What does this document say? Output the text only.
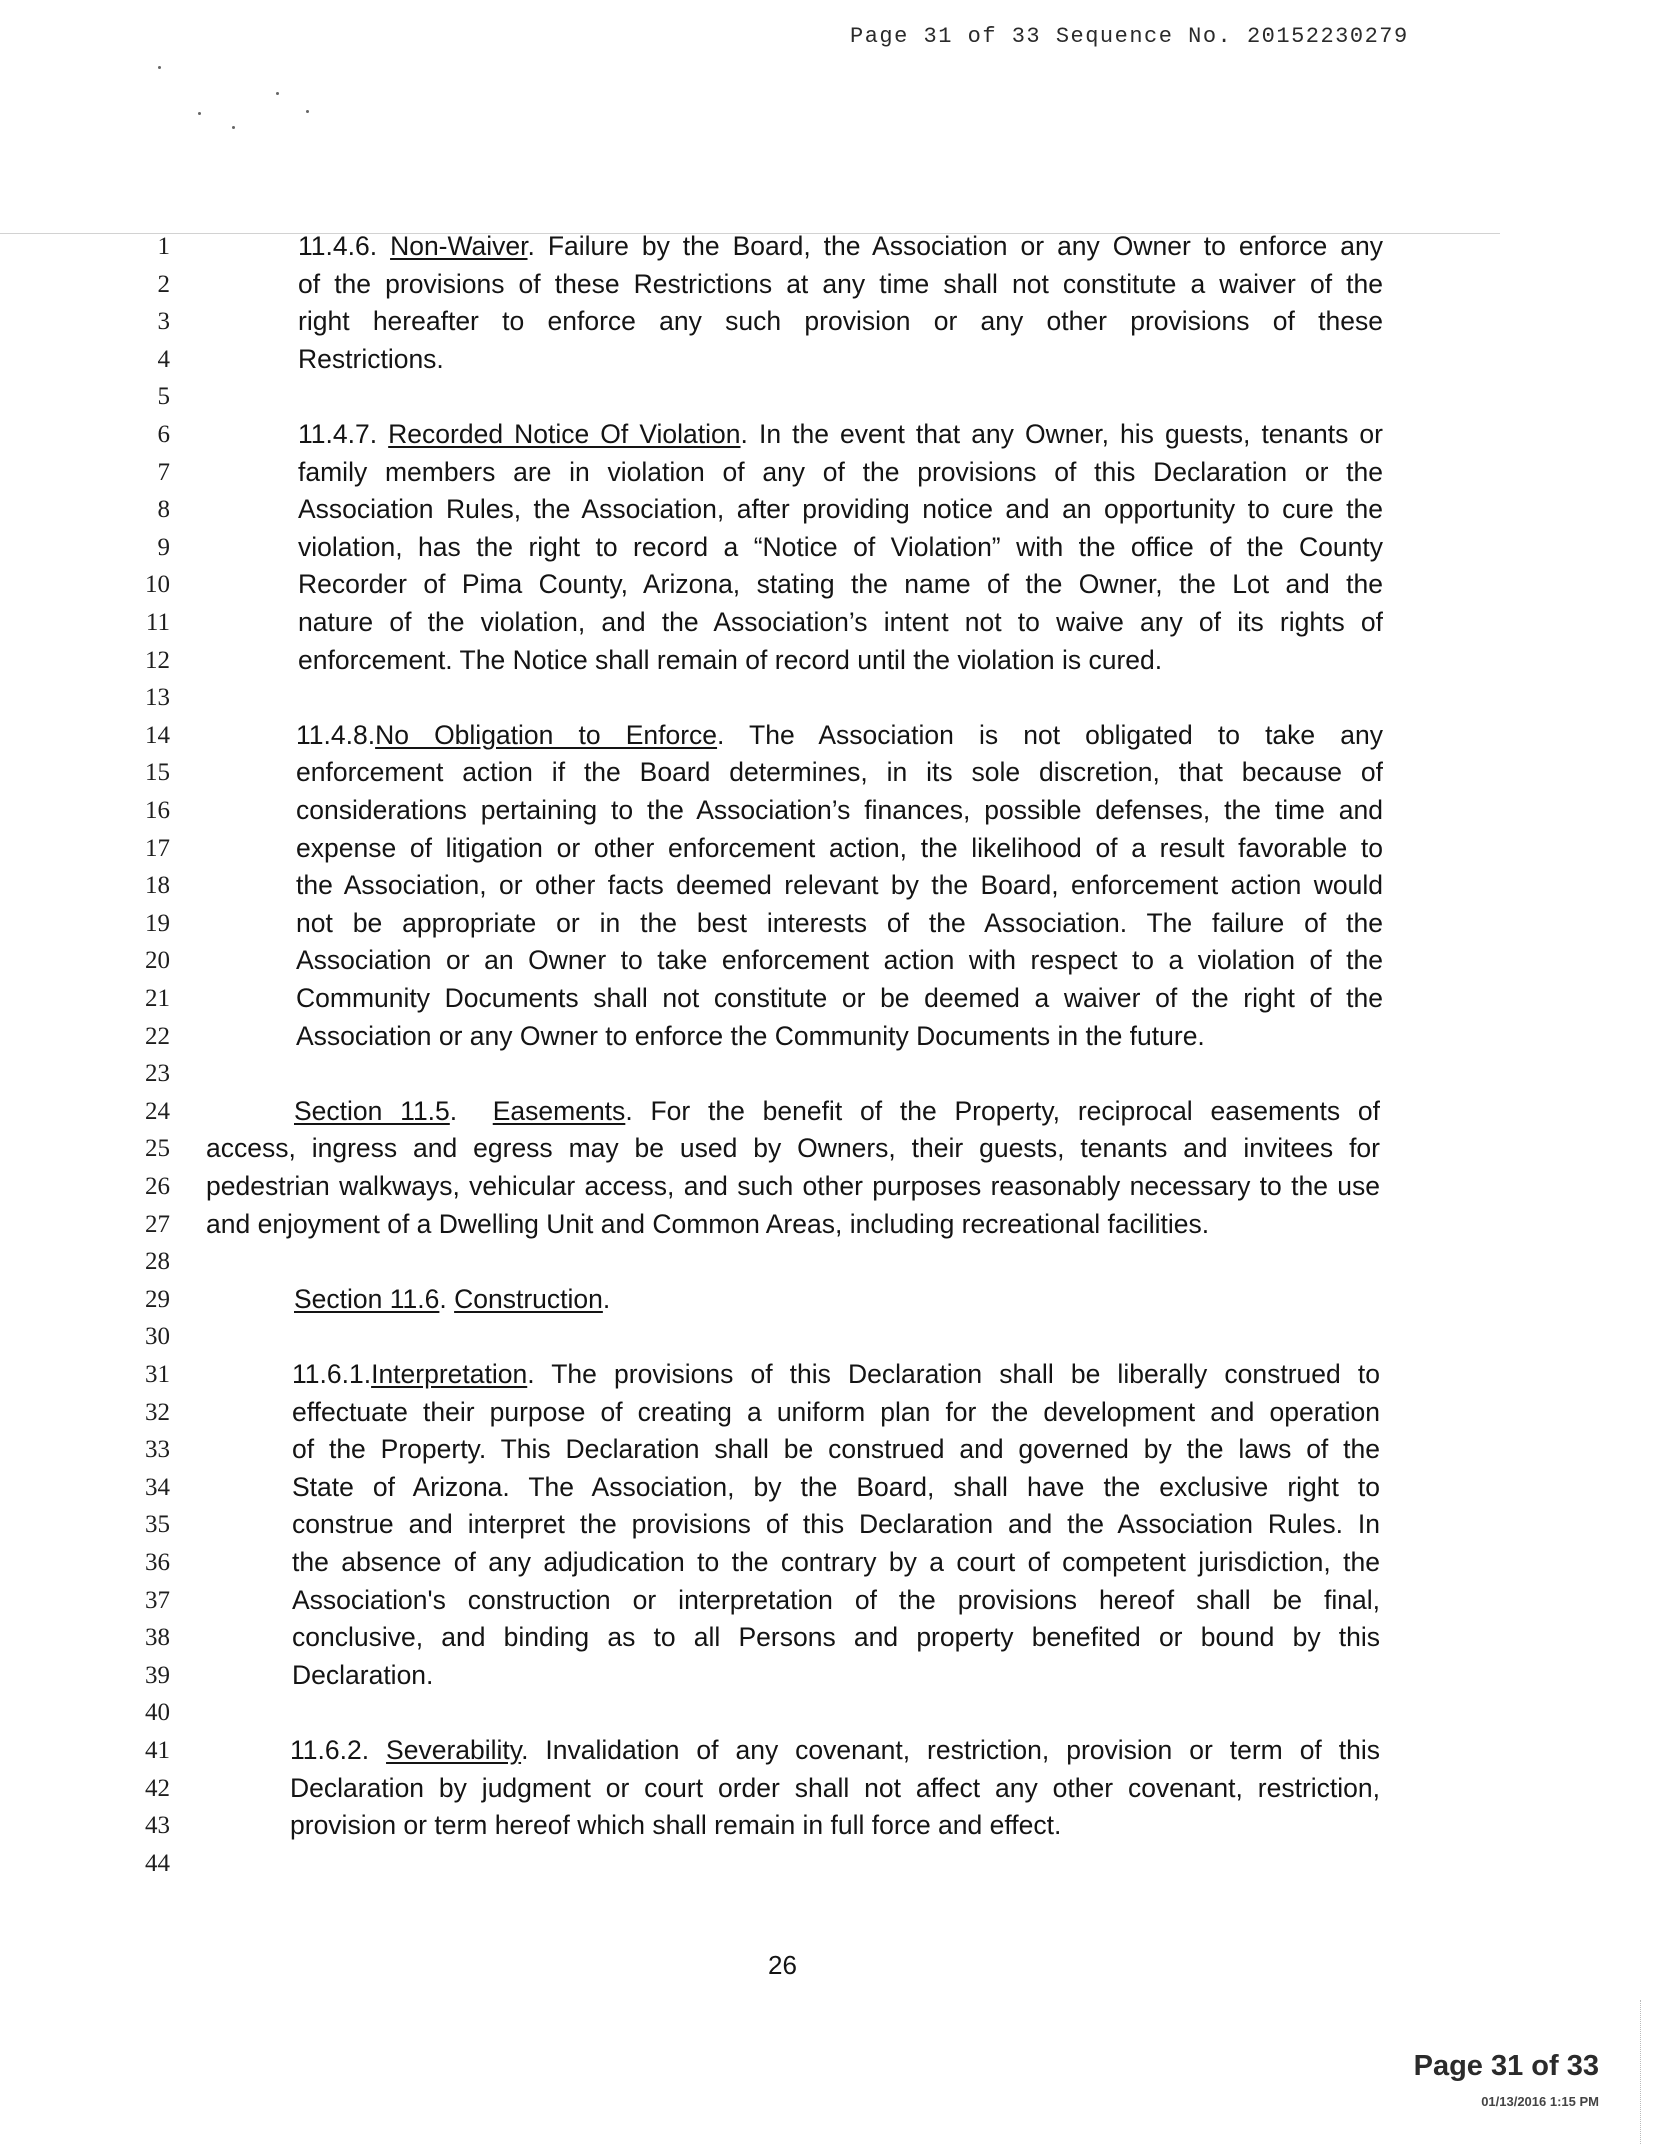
Page 31 of 33 Sequence No. 20152230279
1
2
3
4
5
6
7
8
9
10
11
12
13
14
15
16
17
18
19
20
21
22
23
24
25
26
27
28
29
30
31
32
33
34
35
36
37
38
39
40
41
42
43
44
11.4.6. Non-Waiver. Failure by the Board, the Association or any Owner to enforce any
of the provisions of these Restrictions at any time shall not constitute a waiver of the
right hereafter to enforce any such provision or any other provisions of these
Restrictions.
11.4.7. Recorded Notice Of Violation. In the event that any Owner, his guests, tenants or
family members are in violation of any of the provisions of this Declaration or the
Association Rules, the Association, after providing notice and an opportunity to cure the
violation, has the right to record a “Notice of Violation” with the office of the County
Recorder of Pima County, Arizona, stating the name of the Owner, the Lot and the
nature of the violation, and the Association’s intent not to waive any of its rights of
enforcement. The Notice shall remain of record until the violation is cured.
11.4.8.No Obligation to Enforce. The Association is not obligated to take any
enforcement action if the Board determines, in its sole discretion, that because of
considerations pertaining to the Association’s finances, possible defenses, the time and
expense of litigation or other enforcement action, the likelihood of a result favorable to
the Association, or other facts deemed relevant by the Board, enforcement action would
not be appropriate or in the best interests of the Association. The failure of the
Association or an Owner to take enforcement action with respect to a violation of the
Community Documents shall not constitute or be deemed a waiver of the right of the
Association or any Owner to enforce the Community Documents in the future.
Section 11.5.  Easements. For the benefit of the Property, reciprocal easements of
access, ingress and egress may be used by Owners, their guests, tenants and invitees for
pedestrian walkways, vehicular access, and such other purposes reasonably necessary to the use
and enjoyment of a Dwelling Unit and Common Areas, including recreational facilities.
Section 11.6. Construction.
11.6.1.Interpretation. The provisions of this Declaration shall be liberally construed to
effectuate their purpose of creating a uniform plan for the development and operation
of the Property. This Declaration shall be construed and governed by the laws of the
State of Arizona. The Association, by the Board, shall have the exclusive right to
construe and interpret the provisions of this Declaration and the Association Rules. In
the absence of any adjudication to the contrary by a court of competent jurisdiction, the
Association's construction or interpretation of the provisions hereof shall be final,
conclusive, and binding as to all Persons and property benefited or bound by this
Declaration.
11.6.2. Severability. Invalidation of any covenant, restriction, provision or term of this
Declaration by judgment or court order shall not affect any other covenant, restriction,
provision or term hereof which shall remain in full force and effect.
26
Page 31 of 33
01/13/2016 1:15 PM
